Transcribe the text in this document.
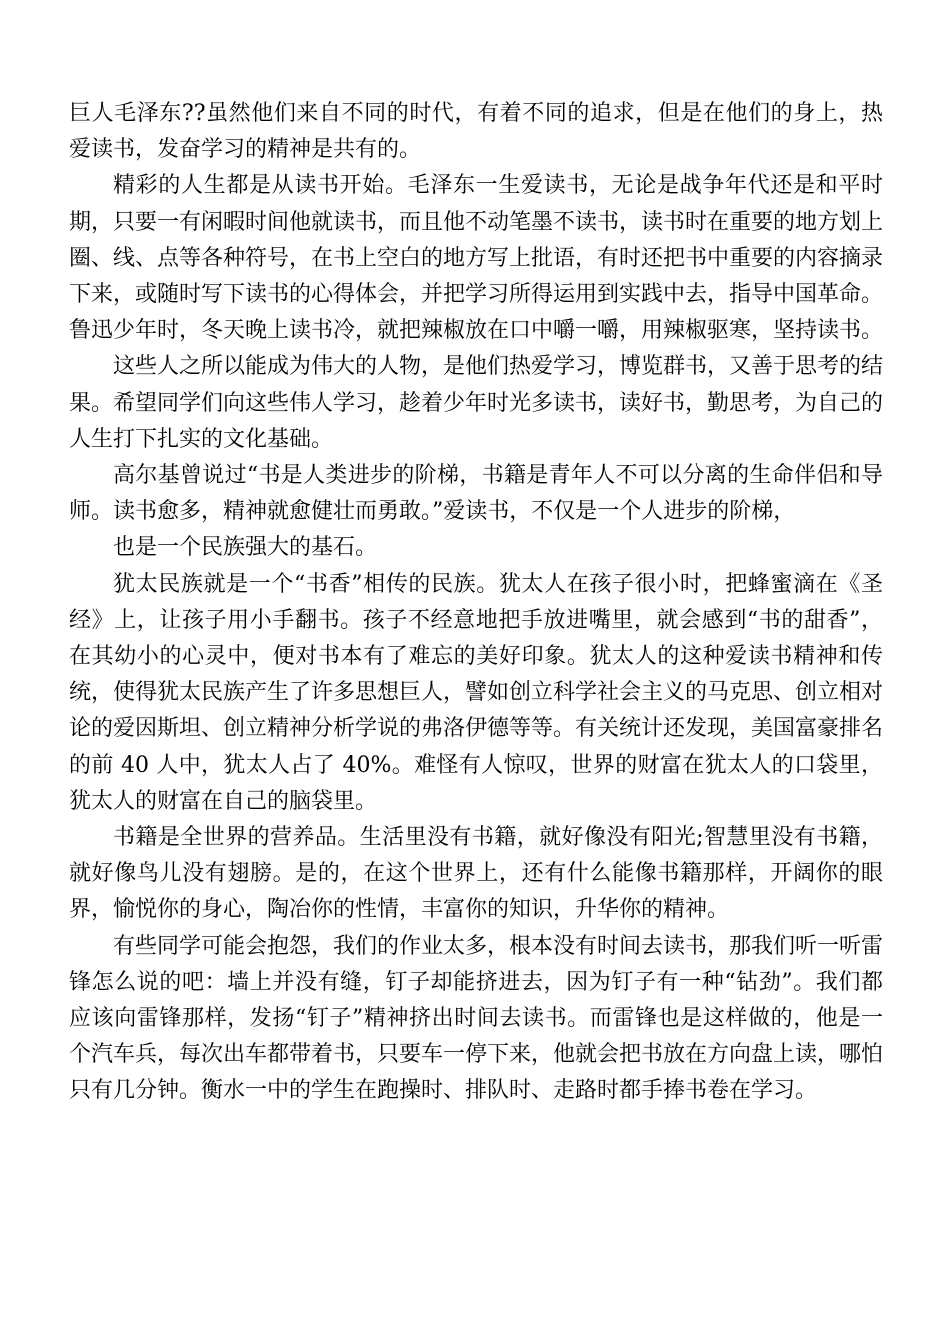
巨人毛泽东??虽然他们来自不同的时代，有着不同的追求，但是在他们的身上，热爱读书，发奋学习的精神是共有的。

精彩的人生都是从读书开始。毛泽东一生爱读书，无论是战争年代还是和平时期，只要一有闲暇时间他就读书，而且他不动笔墨不读书，读书时在重要的地方划上圈、线、点等各种符号，在书上空白的地方写上批语，有时还把书中重要的内容摘录下来，或随时写下读书的心得体会，并把学习所得运用到实践中去，指导中国革命。鲁迅少年时，冬天晚上读书冷，就把辣椒放在口中嚼一嚼，用辣椒驱寒，坚持读书。

这些人之所以能成为伟大的人物，是他们热爱学习，博览群书，又善于思考的结果。希望同学们向这些伟人学习，趁着少年时光多读书，读好书，勤思考，为自己的人生打下扎实的文化基础。

高尔基曾说过“书是人类进步的阶梯，书籍是青年人不可以分离的生命伴侣和导师。读书愈多，精神就愈健壮而勇敢。”爱读书，不仅是一个人进步的阶梯，

也是一个民族强大的基石。

犹太民族就是一个“书香”相传的民族。犹太人在孩子很小时，把蜂蜜滴在《圣经》上，让孩子用小手翻书。孩子不经意地把手放进嘴里，就会感到“书的甜香”，在其幼小的心灵中，便对书本有了难忘的美好印象。犹太人的这种爱读书精神和传统，使得犹太民族产生了许多思想巨人，譬如创立科学社会主义的马克思、创立相对论的爱因斯坦、创立精神分析学说的弗洛伊德等等。有关统计还发现，美国富豪排名的前 40 人中，犹太人占了 40%。难怪有人惊叹，世界的财富在犹太人的口袋里，犹太人的财富在自己的脑袋里。

书籍是全世界的营养品。生活里没有书籍，就好像没有阳光;智慧里没有书籍，就好像鸟儿没有翅膀。是的，在这个世界上，还有什么能像书籍那样，开阔你的眼界，愉悦你的身心，陶冶你的性情，丰富你的知识，升华你的精神。

有些同学可能会抱怨，我们的作业太多，根本没有时间去读书，那我们听一听雷锋怎么说的吧：墙上并没有缝，钉子却能挤进去，因为钉子有一种“钻劲”。我们都应该向雷锋那样，发扬“钉子”精神挤出时间去读书。而雷锋也是这样做的，他是一个汽车兵，每次出车都带着书，只要车一停下来，他就会把书放在方向盘上读，哪怕只有几分钟。衡水一中的学生在跑操时、排队时、走路时都手捧书卷在学习。
